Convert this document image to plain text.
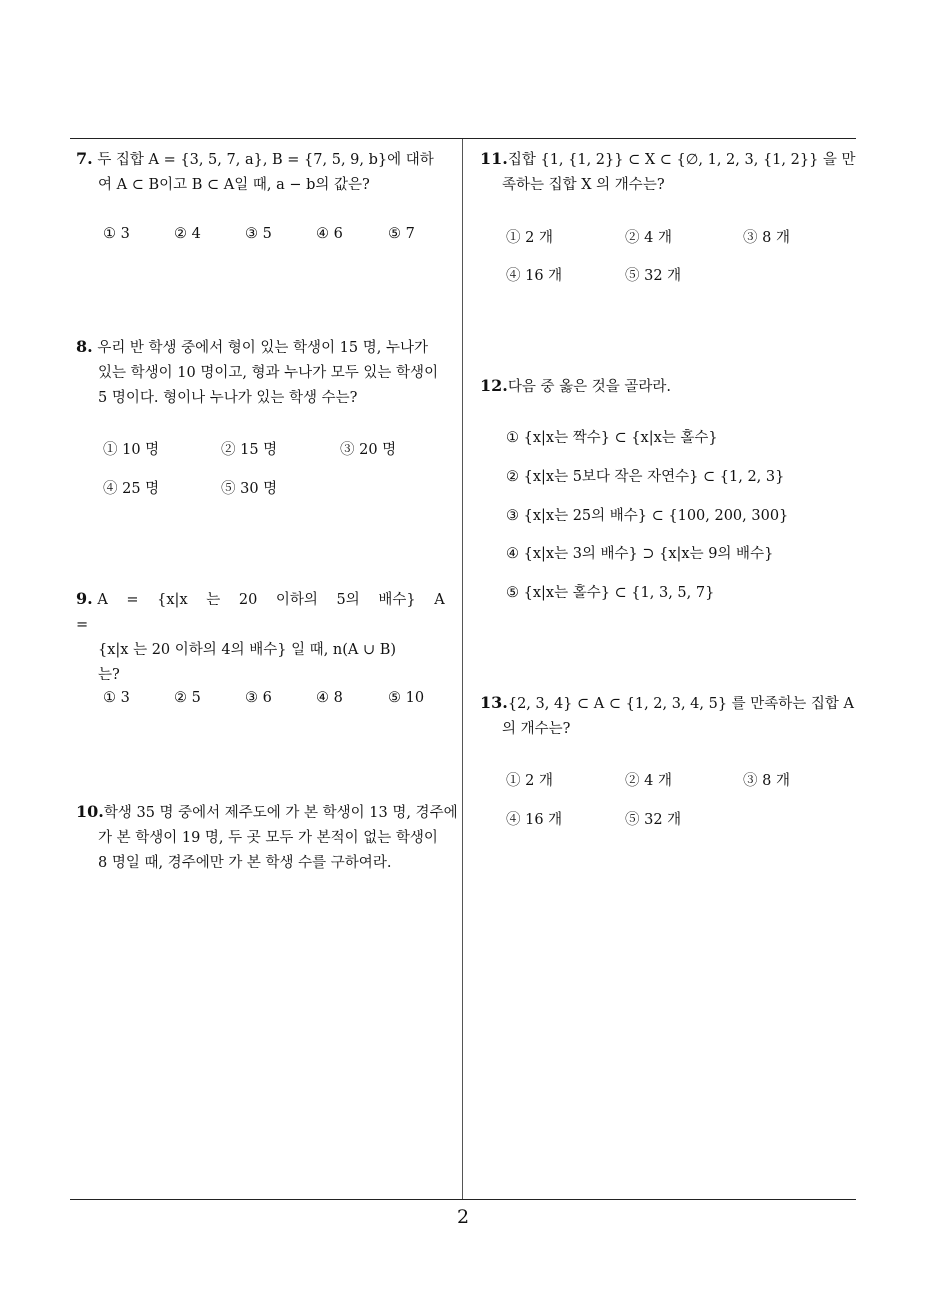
7. 두 집합 A = {3, 5, 7, a}, B = {7, 5, 9, b}에 대하
여 A ⊂ B이고 B ⊂ A일 때, a − b의 값은?
① 3	② 4	③ 5	④ 6	⑤ 7
8. 우리 반 학생 중에서 형이 있는 학생이 15 명, 누나가
있는 학생이 10 명이고, 형과 누나가 모두 있는 학생이
5 명이다. 형이나 누나가 있는 학생 수는?
① 10 명	② 15 명	③ 20 명
④ 25 명	⑤ 30 명
9. A = {x|x 는 20 이하의 5의 배수} A =
{x|x 는 20 이하의 4의 배수} 일 때, n(A ∪ B)
는?
① 3	② 5	③ 6	④ 8	⑤ 10
10.학생 35 명 중에서 제주도에 가 본 학생이 13 명, 경주에
가 본 학생이 19 명, 두 곳 모두 가 본적이 없는 학생이
8 명일 때, 경주에만 가 본 학생 수를 구하여라.
11.집합 {1, {1, 2}} ⊂ X ⊂ {∅, 1, 2, 3, {1, 2}} 을 만
족하는 집합 X 의 개수는?
① 2 개	② 4 개	③ 8 개
④ 16 개	⑤ 32 개
12.다음 중 옳은 것을 골라라.
① {x|x는 짝수} ⊂ {x|x는 홀수}
② {x|x는 5보다 작은 자연수} ⊂ {1, 2, 3}
③ {x|x는 25의 배수} ⊂ {100, 200, 300}
④ {x|x는 3의 배수} ⊃ {x|x는 9의 배수}
⑤ {x|x는 홀수} ⊂ {1, 3, 5, 7}
13.{2, 3, 4} ⊂ A ⊂ {1, 2, 3, 4, 5} 를 만족하는 집합 A
의 개수는?
① 2 개	② 4 개	③ 8 개
④ 16 개	⑤ 32 개
2
